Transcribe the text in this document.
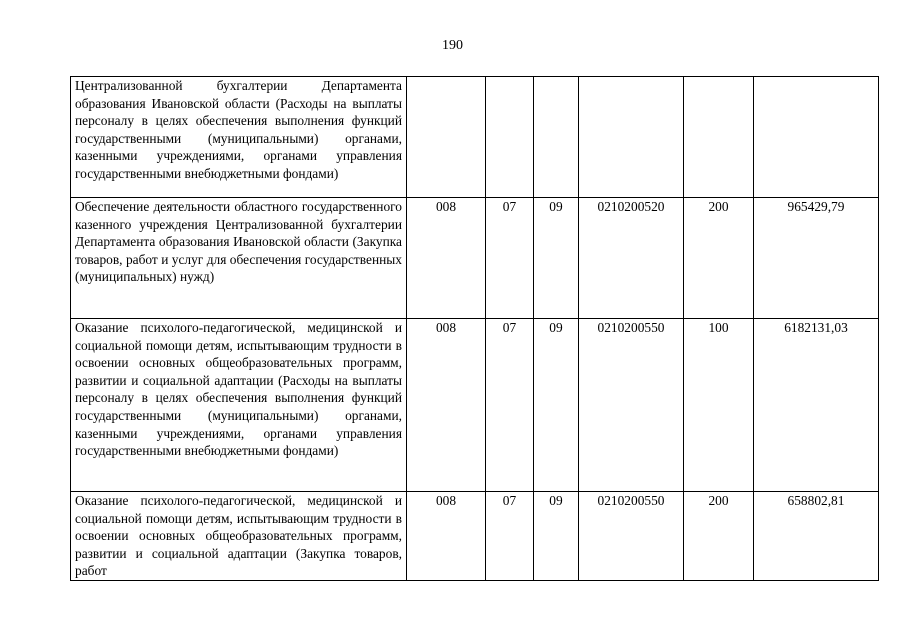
190
Централизованной бухгалтерии Департамента образования Ивановской области (Расходы на выплаты персоналу в целях обеспечения выполнения функций государственными (муниципальными) органами, казенными учреждениями, органами управления государственными внебюджетными фондами)						
Обеспечение деятельности областного государственного казенного учреждения Централизованной бухгалтерии Департамента образования Ивановской области (Закупка товаров, работ и услуг для обеспечения государственных (муниципальных) нужд)	008	07	09	0210200520	200	965429,79
Оказание психолого-педагогической, медицинской и социальной помощи детям, испытывающим трудности в освоении основных общеобразовательных программ, развитии и социальной адаптации (Расходы на выплаты персоналу в целях обеспечения выполнения функций государственными (муниципальными) органами, казенными учреждениями, органами управления государственными внебюджетными фондами)	008	07	09	0210200550	100	6182131,03
Оказание психолого-педагогической, медицинской и социальной помощи детям, испытывающим трудности в освоении основных общеобразовательных программ, развитии и социальной адаптации (Закупка товаров, работ	008	07	09	0210200550	200	658802,81
